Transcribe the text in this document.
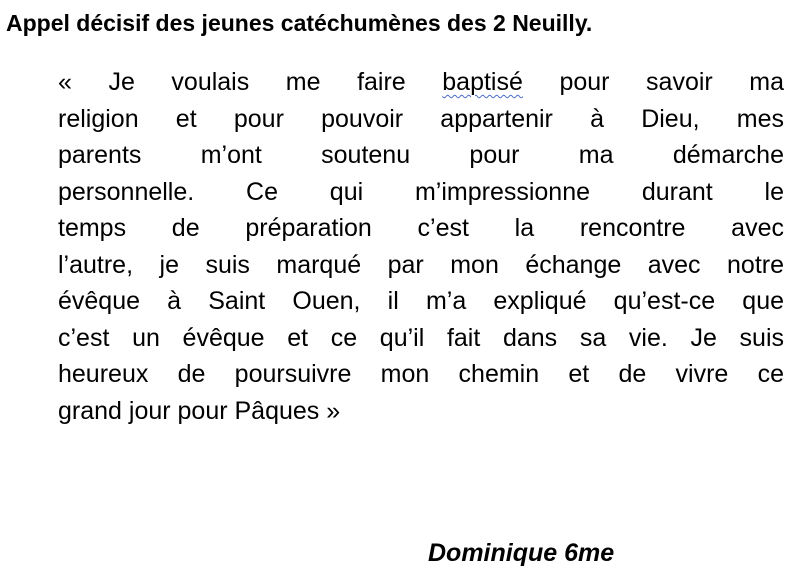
Appel décisif des jeunes catéchumènes des 2 Neuilly.
« Je voulais me faire baptisé pour savoir ma
religion et pour pouvoir appartenir à Dieu, mes
parents m’ont soutenu pour ma démarche
personnelle. Ce qui m’impressionne durant le
temps de préparation c’est la rencontre avec
l’autre, je suis marqué par mon échange avec notre
évêque à Saint Ouen, il m’a expliqué qu’est-ce que
c’est un évêque et ce qu’il fait dans sa vie. Je suis
heureux de poursuivre mon chemin et de vivre ce
grand jour pour Pâques »
Dominique 6me
